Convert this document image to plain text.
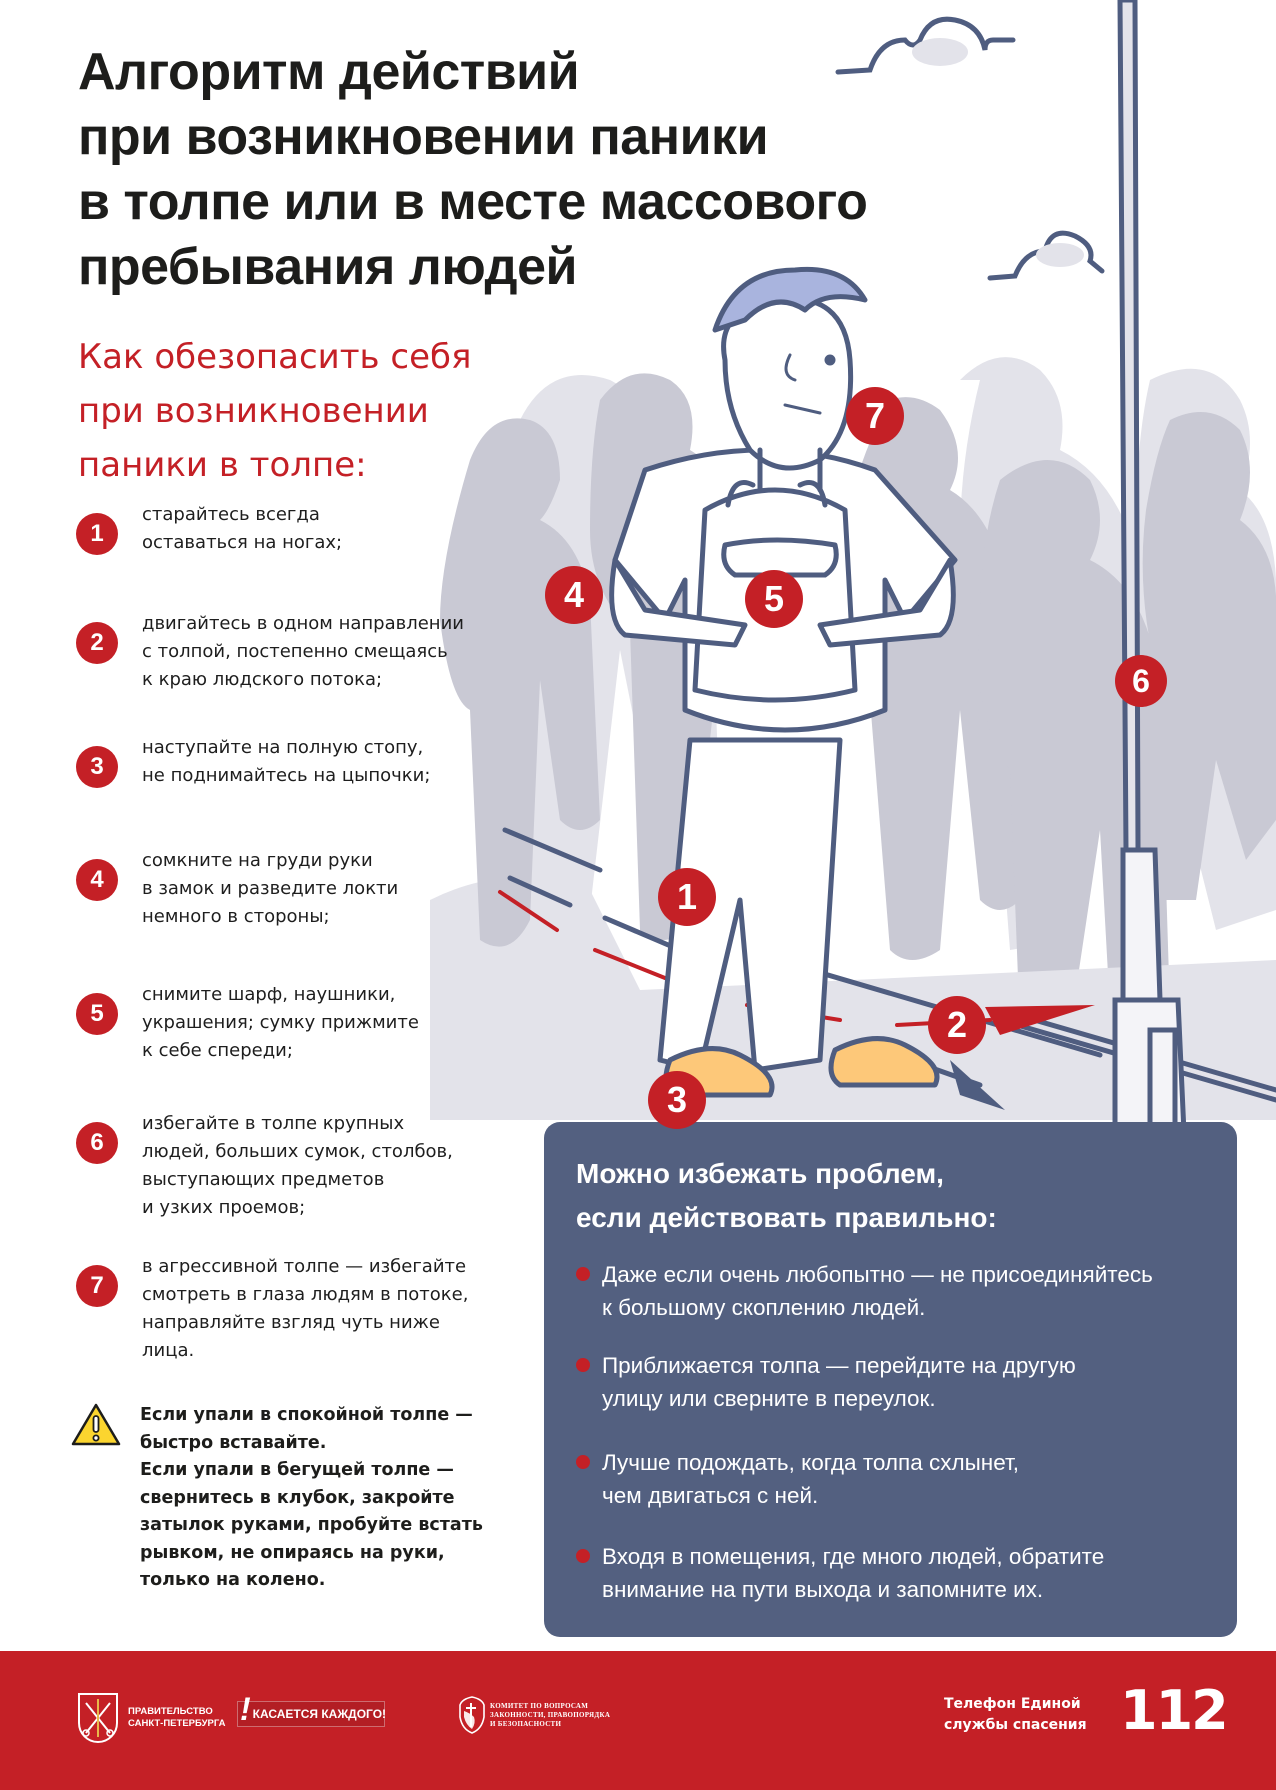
Алгоритм действий
при возникновении паники
в толпе или в месте массового
пребывания людей
Как обезопасить себя
при возникновении
паники в толпе:
1
старайтесь всегда
оставаться на ногах;
2
двигайтесь в одном направлении
с толпой, постепенно смещаясь
к краю людского потока;
3
наступайте на полную стопу,
не поднимайтесь на цыпочки;
4
сомкните на груди руки
в замок и разведите локти
немного в стороны;
5
снимите шарф, наушники,
украшения; сумку прижмите
к себе спереди;
6
избегайте в толпе крупных
людей, больших сумок, столбов,
выступающих предметов
и узких проемов;
7
в агрессивной толпе — избегайте
смотреть в глаза людям в потоке,
направляйте взгляд чуть ниже
лица.
Если упали в спокойной толпе —
быстро вставайте.
Если упали в бегущей толпе —
свернитесь в клубок, закройте
затылок руками, пробуйте встать
рывком, не опираясь на руки,
только на колено.
7
4	5
6
1
2
3
Можно избежать проблем,
если действовать правильно:
Даже если очень любопытно — не присоединяйтесь
к большому скоплению людей.
Приближается толпа — перейдите на другую
улицу или сверните в переулок.
Лучше подождать, когда толпа схлынет,
чем двигаться с ней.
Входя в помещения, где много людей, обратите
внимание на пути выхода и запомните их.
ПРАВИТЕЛЬСТВО
САНКТ-ПЕТЕРБУРГА ! КАСАЕТСЯ КАЖДОГО!
КОМИТЕТ ПО ВОПРОСАМ
ЗАКОННОСТИ, ПРАВОПОРЯДКА
И БЕЗОПАСНОСТИ
Телефон Единой
службы спасения 112
